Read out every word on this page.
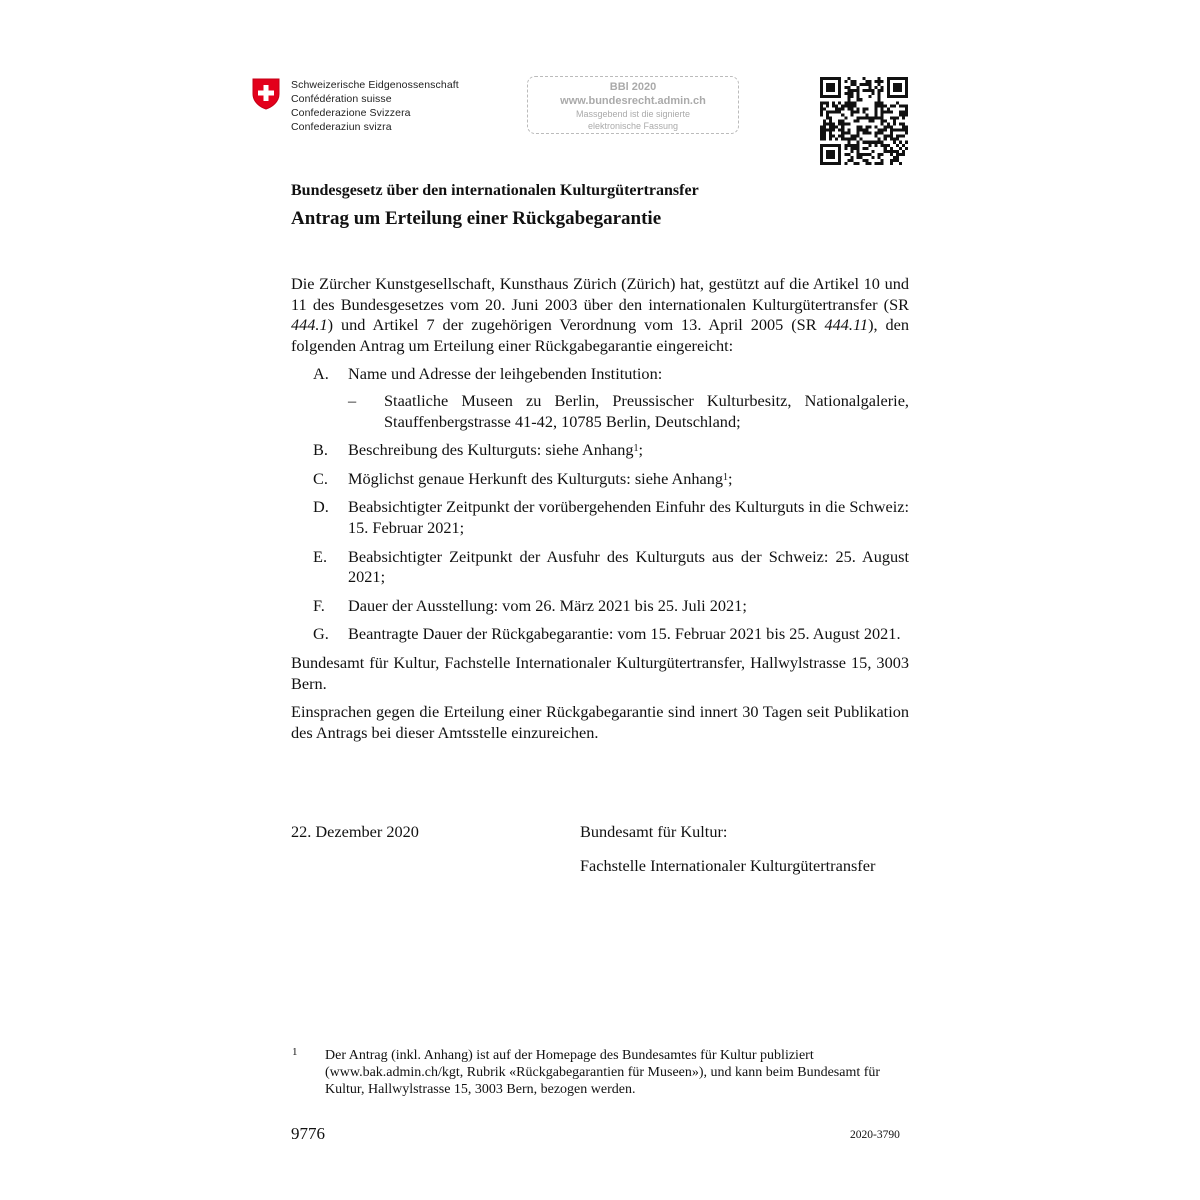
Schweizerische Eidgenossenschaft
Confédération suisse
Confederazione Svizzera
Confederaziun svizra
BBl 2020
www.bundesrecht.admin.ch
Massgebend ist die signierte
elektronische Fassung
Bundesgesetz über den internationalen Kulturgütertransfer
Antrag um Erteilung einer Rückgabegarantie

Die Zürcher Kunstgesellschaft, Kunsthaus Zürich (Zürich) hat, gestützt auf die Artikel 10 und 11 des Bundesgesetzes vom 20. Juni 2003 über den internationalen Kulturgütertransfer (SR 444.1) und Artikel 7 der zugehörigen Verordnung vom 13. April 2005 (SR 444.11), den folgenden Antrag um Erteilung einer Rückgabegarantie eingereicht:

A.	Name und Adresse der leihgebenden Institution:
–	Staatliche Museen zu Berlin, Preussischer Kulturbesitz, Nationalgalerie, Stauffenbergstrasse 41-42, 10785 Berlin, Deutschland;
B.	Beschreibung des Kulturguts: siehe Anhang$^1$;
C.	Möglichst genaue Herkunft des Kulturguts: siehe Anhang$^1$;
D.	Beabsichtigter Zeitpunkt der vorübergehenden Einfuhr des Kulturguts in die Schweiz: 15. Februar 2021;
E.	Beabsichtigter Zeitpunkt der Ausfuhr des Kulturguts aus der Schweiz: 25. August 2021;
F.	Dauer der Ausstellung: vom 26. März 2021 bis 25. Juli 2021;
G.	Beantragte Dauer der Rückgabegarantie: vom 15. Februar 2021 bis 25. August 2021.

Bundesamt für Kultur, Fachstelle Internationaler Kulturgütertransfer, Hallwylstrasse 15, 3003 Bern.

Einsprachen gegen die Erteilung einer Rückgabegarantie sind innert 30 Tagen seit Publikation des Antrags bei dieser Amtsstelle einzureichen.

22. Dezember 2020	Bundesamt für Kultur:
Fachstelle Internationaler Kulturgütertransfer
1 Der Antrag (inkl. Anhang) ist auf der Homepage des Bundesamtes für Kultur publiziert (www.bak.admin.ch/kgt, Rubrik «Rückgabegarantien für Museen»), und kann beim Bundesamt für Kultur, Hallwylstrasse 15, 3003 Bern, bezogen werden.
9776	2020-3790
